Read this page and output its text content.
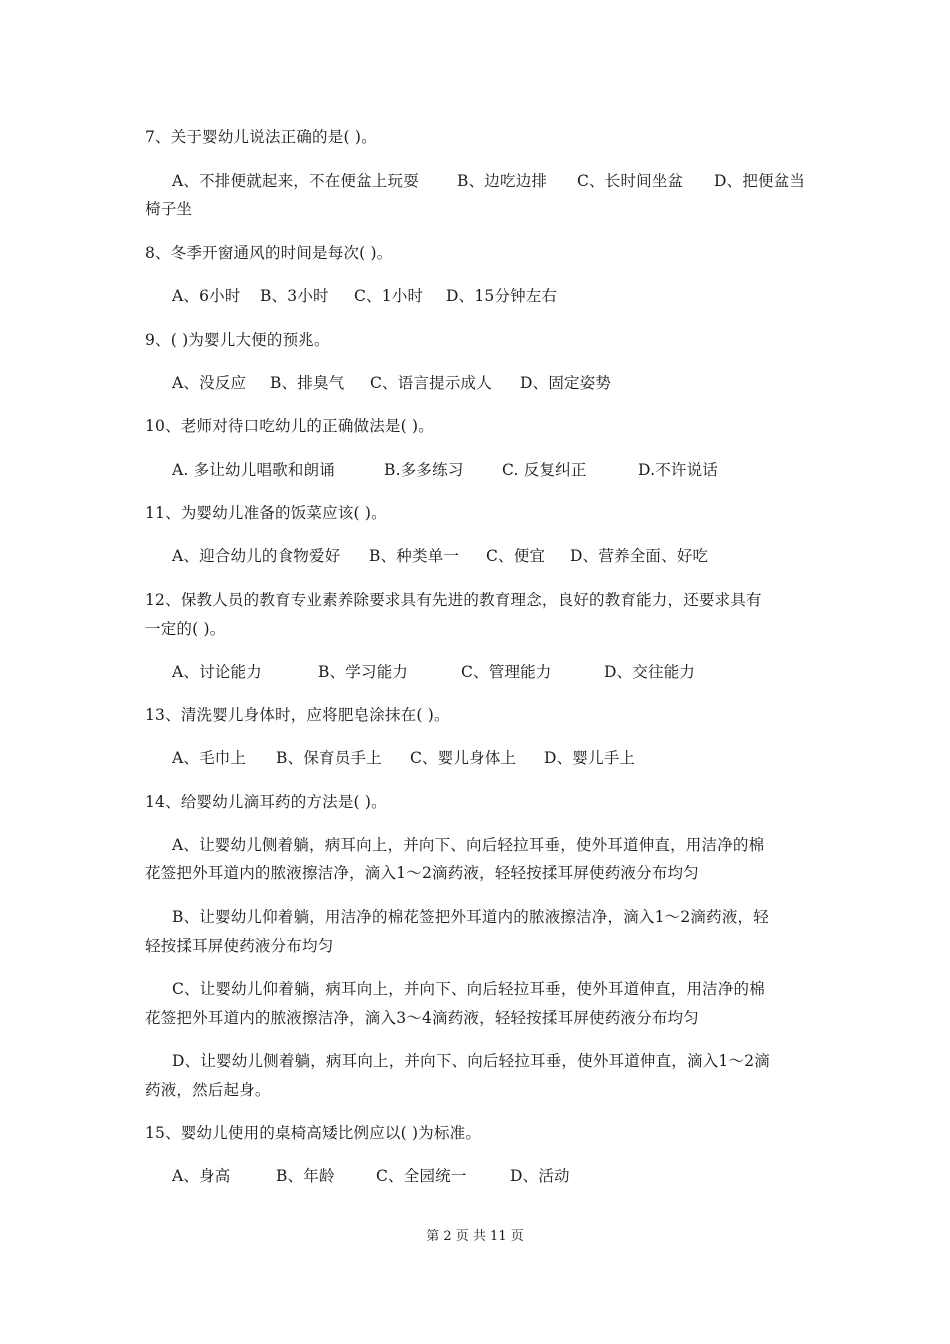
7、关于婴幼儿说法正确的是( )。
A、不排便就起来，不在便盆上玩耍 B、边吃边排 C、长时间坐盆 D、把便盆当
椅子坐
8、冬季开窗通风的时间是每次( )。
A、6小时 B、3小时 C、1小时 D、15分钟左右
9、( )为婴儿大便的预兆。
A、没反应 B、排臭气 C、语言提示成人 D、固定姿势
10、老师对待口吃幼儿的正确做法是( )。
A. 多让幼儿唱歌和朗诵	B.多多练习 C. 反复纠正	D.不许说话
11、为婴幼儿准备的饭菜应该( )。
A、迎合幼儿的食物爱好 B、种类单一 C、便宜 D、营养全面、好吃
12、保教人员的教育专业素养除要求具有先进的教育理念，良好的教育能力，还要求具有
一定的( )。
A、讨论能力	B、学习能力	C、管理能力	D、交往能力
13、清洗婴儿身体时，应将肥皂涂抹在( )。
A、毛巾上 B、保育员手上 C、婴儿身体上 D、婴儿手上
14、给婴幼儿滴耳药的方法是( )。
A、让婴幼儿侧着躺，病耳向上，并向下、向后轻拉耳垂，使外耳道伸直，用洁净的棉
花签把外耳道内的脓液擦洁净，滴入1～2滴药液，轻轻按揉耳屏使药液分布均匀
B、让婴幼儿仰着躺，用洁净的棉花签把外耳道内的脓液擦洁净，滴入1～2滴药液，轻
轻按揉耳屏使药液分布均匀
C、让婴幼儿仰着躺，病耳向上，并向下、向后轻拉耳垂，使外耳道伸直，用洁净的棉
花签把外耳道内的脓液擦洁净，滴入3～4滴药液，轻轻按揉耳屏使药液分布均匀
D、让婴幼儿侧着躺，病耳向上，并向下、向后轻拉耳垂，使外耳道伸直，滴入1～2滴
药液，然后起身。
15、婴幼儿使用的桌椅高矮比例应以( )为标准。
A、身高	B、年龄	C、全园统一	D、活动
第 2 页 共 11 页
